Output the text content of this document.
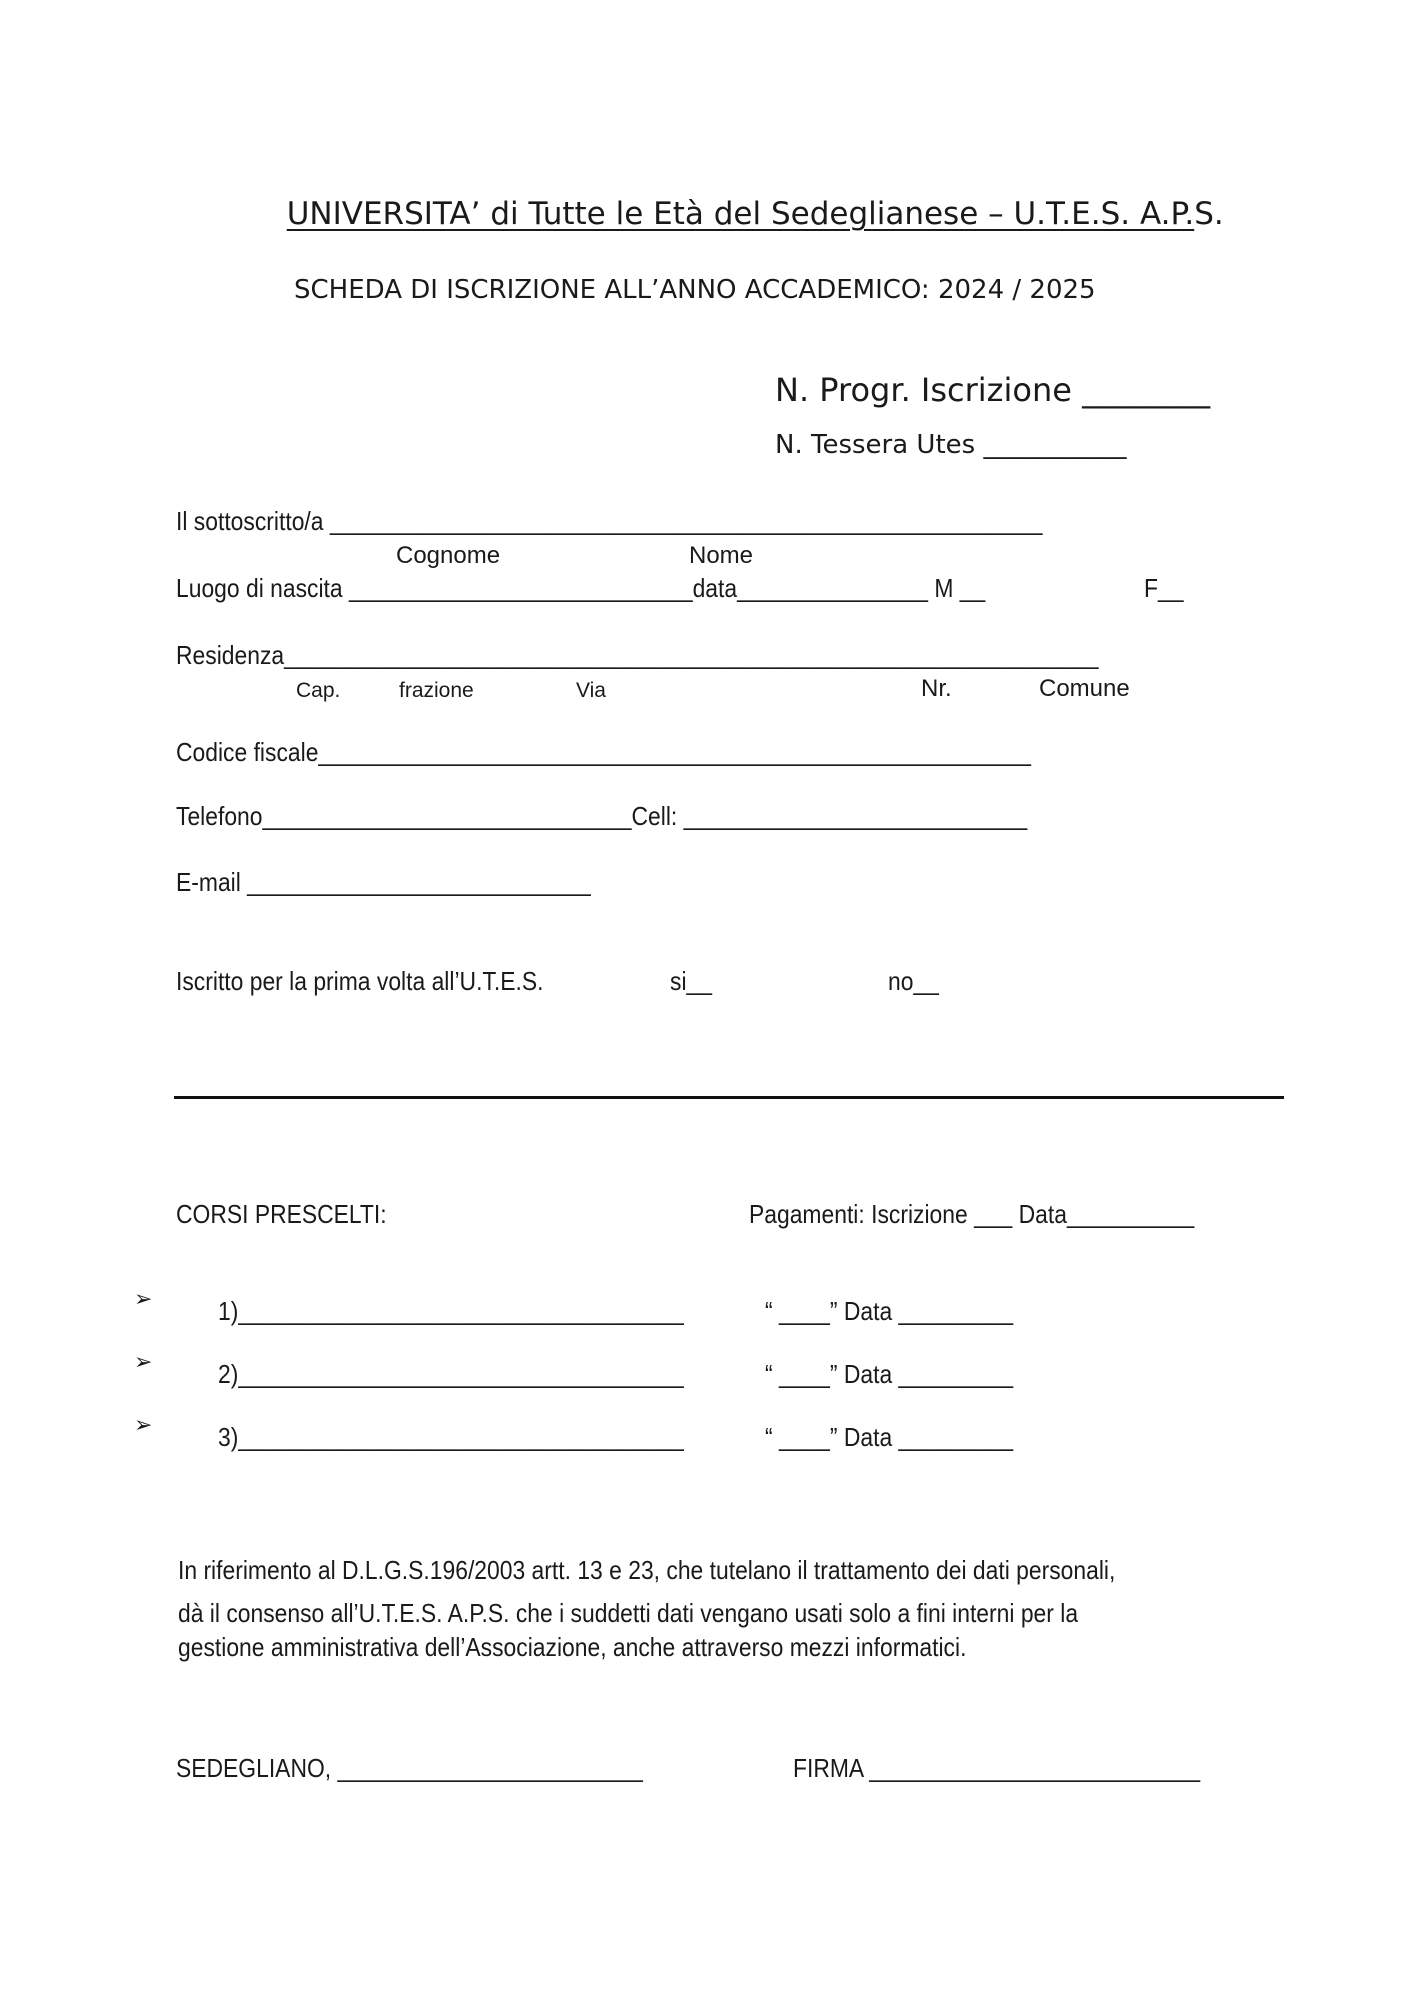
UNIVERSITA’ di Tutte le Età del Sedeglianese – U.T.E.S. A.P.S.

SCHEDA DI ISCRIZIONE ALL’ANNO ACCADEMICO: 2024 / 2025
N. Progr. Iscrizione ________
N. Tessera Utes ___________
Il sottoscritto/a ________________________________________________________
Cognome	Nome
Luogo di nascita ___________________________data_______________ M __	F__
Residenza________________________________________________________________
Cap.	frazione	Via	Nr.	Comune
Codice fiscale________________________________________________________
Telefono_____________________________Cell: ___________________________
E-mail ___________________________
Iscritto per la prima volta all’U.T.E.S.	si__	no__
CORSI PRESCELTI:	Pagamenti: Iscrizione ___ Data__________
➢	1)___________________________________	“ ____” Data _________
➢	2)___________________________________	“ ____” Data _________
➢	3)___________________________________	“ ____” Data _________
In riferimento al D.L.G.S.196/2003 artt. 13 e 23, che tutelano il trattamento dei dati personali,
dà il consenso all’U.T.E.S. A.P.S. che i suddetti dati vengano usati solo a fini interni per la
gestione amministrativa dell’Associazione, anche attraverso mezzi informatici.
SEDEGLIANO, ________________________	FIRMA __________________________
